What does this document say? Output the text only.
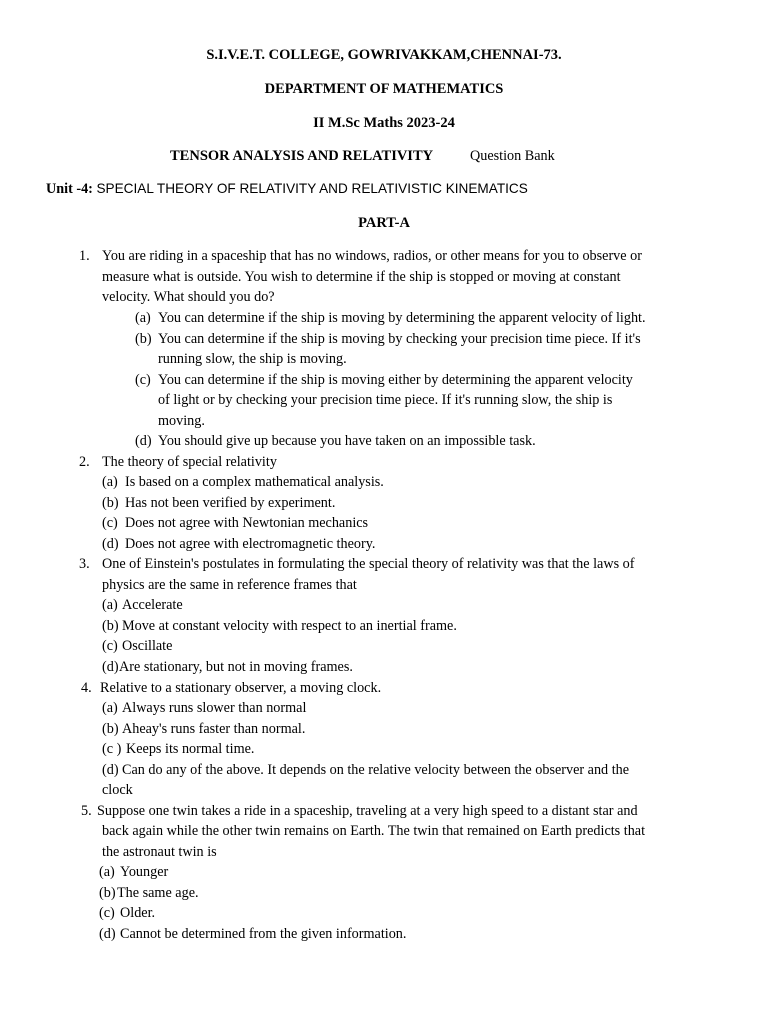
S.I.V.E.T. COLLEGE, GOWRIVAKKAM,CHENNAI-73.
DEPARTMENT OF MATHEMATICS
II M.Sc Maths 2023-24
TENSOR ANALYSIS AND RELATIVITY	Question Bank
Unit -4: SPECIAL THEORY OF RELATIVITY AND RELATIVISTIC KINEMATICS
PART-A
1. You are riding in a spaceship that has no windows, radios, or other means for you to observe or
measure what is outside. You wish to determine if the ship is stopped or moving at constant
velocity. What should you do?
(a) You can determine if the ship is moving by determining the apparent velocity of light.
(b) You can determine if the ship is moving by checking your precision time piece. If it's
running slow, the ship is moving.
(c) You can determine if the ship is moving either by determining the apparent velocity
of light or by checking your precision time piece. If it's running slow, the ship is
moving.
(d) You should give up because you have taken on an impossible task.
2. The theory of special relativity
(a) Is based on a complex mathematical analysis.
(b) Has not been verified by experiment.
(c) Does not agree with Newtonian mechanics
(d) Does not agree with electromagnetic theory.
3. One of Einstein's postulates in formulating the special theory of relativity was that the laws of
physics are the same in reference frames that
(a) Accelerate
(b) Move at constant velocity with respect to an inertial frame.
(c) Oscillate
(d) Are stationary, but not in moving frames.
4. Relative to a stationary observer, a moving clock.
(a) Always runs slower than normal
(b) Aheay's runs faster than normal.
(c ) Keeps its normal time.
(d) Can do any of the above. It depends on the relative velocity between the observer and the
clock
5. Suppose one twin takes a ride in a spaceship, traveling at a very high speed to a distant star and
back again while the other twin remains on Earth. The twin that remained on Earth predicts that
the astronaut twin is
(a) Younger
(b) The same age.
(c) Older.
(d) Cannot be determined from the given information.
